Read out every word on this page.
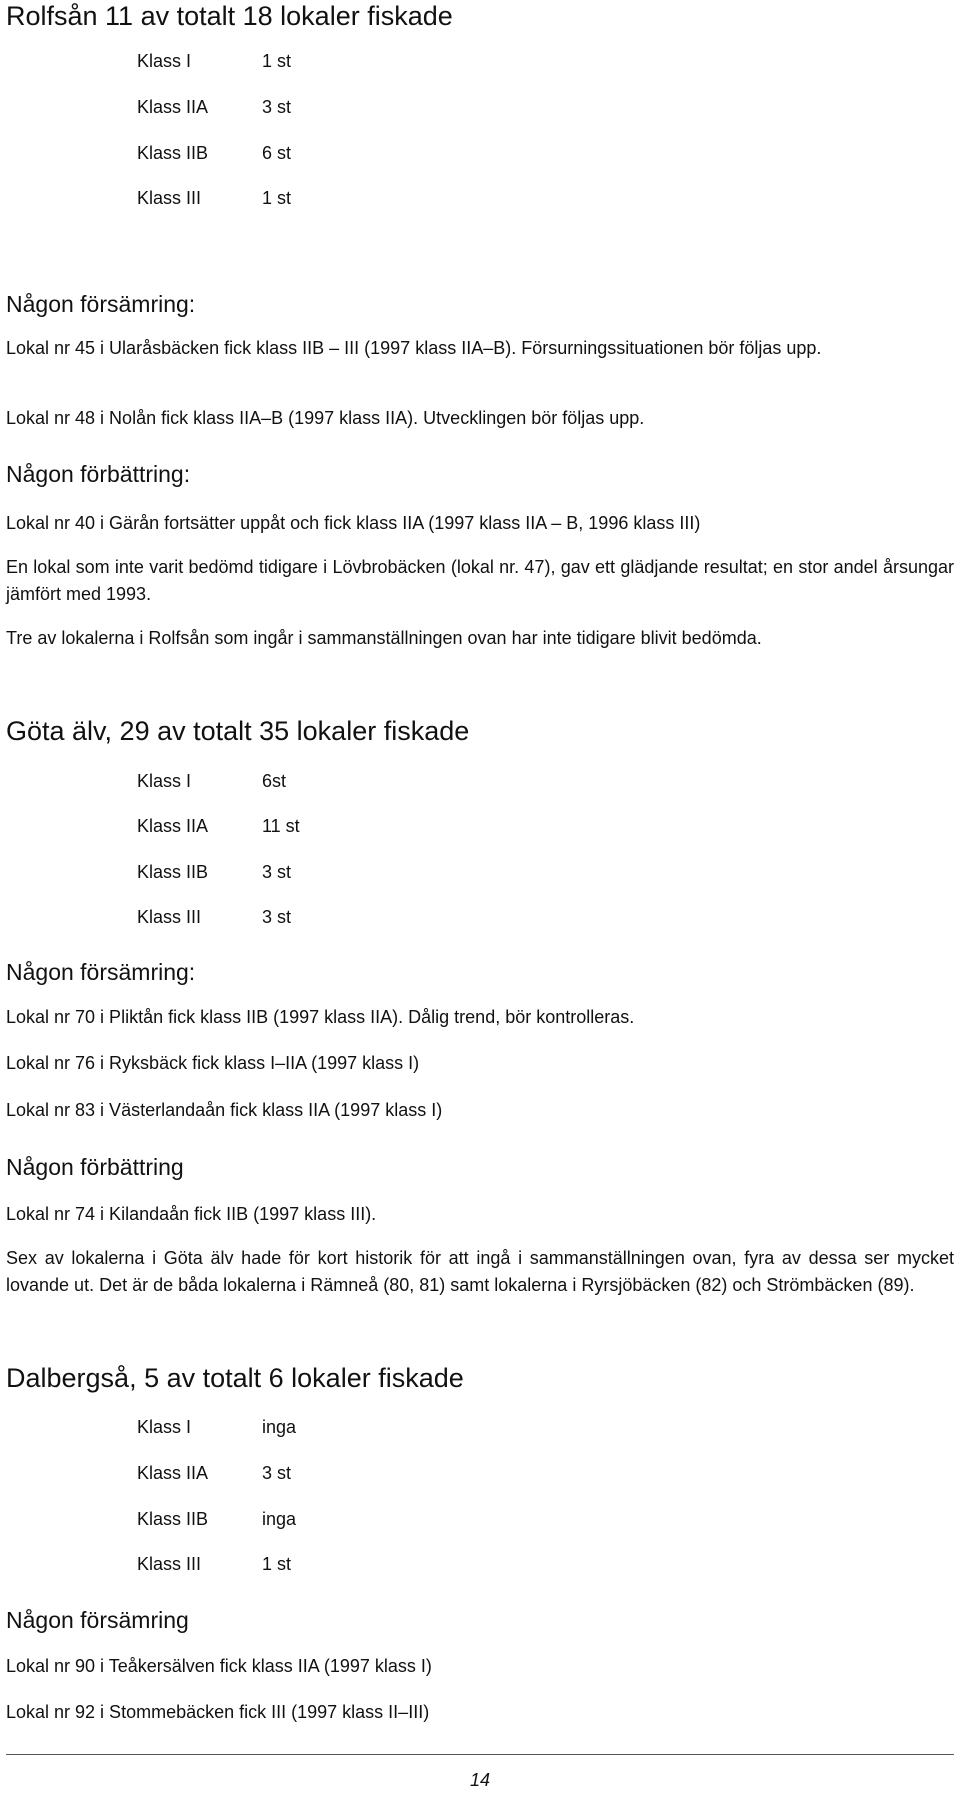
Rolfsån 11 av totalt 18 lokaler fiskade
Klass I	1 st
Klass IIA	3 st
Klass IIB	6 st
Klass III	1 st
Någon försämring:

Lokal nr 45 i Ularåsbäcken fick klass IIB – III (1997 klass IIA–B). Försurningssituationen bör följas upp.

Lokal nr 48 i Nolån fick klass IIA–B (1997 klass IIA). Utvecklingen bör följas upp.

Någon förbättring:

Lokal nr 40 i Gärån fortsätter uppåt och fick klass IIA (1997 klass IIA – B, 1996 klass III)

En lokal som inte varit bedömd tidigare i Lövbrobäcken (lokal nr. 47), gav ett glädjande resultat; en stor andel årsungar jämfört med 1993.

Tre av lokalerna i Rolfsån som ingår i sammanställningen ovan har inte tidigare blivit bedömda.

Göta älv, 29 av totalt 35 lokaler fiskade
Klass I	6st
Klass IIA	11 st
Klass IIB	3 st
Klass III	3 st
Någon försämring:

Lokal nr 70 i Pliktån fick klass IIB (1997 klass IIA). Dålig trend, bör kontrolleras.

Lokal nr 76 i Ryksbäck fick klass I–IIA (1997 klass I)

Lokal nr 83 i Västerlandaån fick klass IIA (1997 klass I)

Någon förbättring

Lokal nr 74 i Kilandaån fick IIB (1997 klass III).

Sex av lokalerna i Göta älv hade för kort historik för att ingå i sammanställningen ovan, fyra av dessa ser mycket lovande ut. Det är de båda lokalerna i Rämneå (80, 81) samt lokalerna i Ryrsjöbäcken (82) och Strömbäcken (89).

Dalbergså, 5 av totalt 6 lokaler fiskade
Klass I	inga
Klass IIA	3 st
Klass IIB	inga
Klass III	1 st
Någon försämring

Lokal nr 90 i Teåkersälven fick klass IIA (1997 klass I)

Lokal nr 92 i Stommebäcken fick III (1997 klass II–III)

14
